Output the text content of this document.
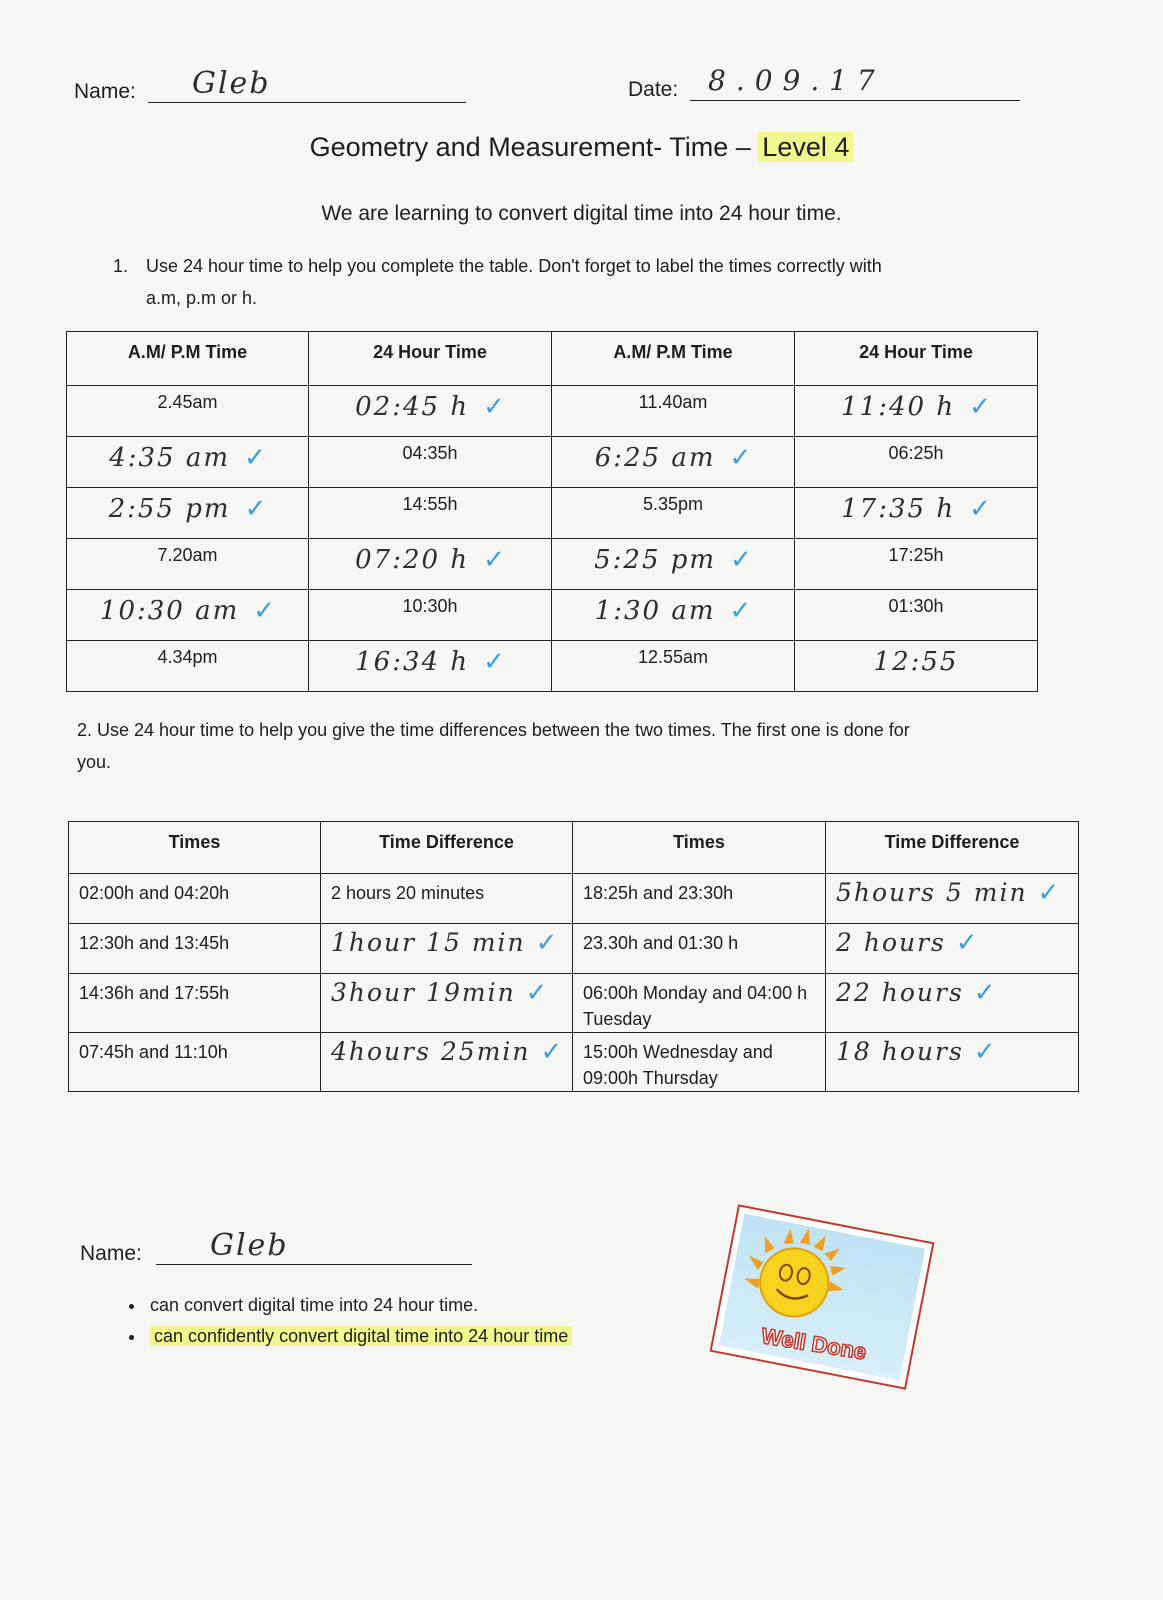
Name:	Gleb	Date:	8.09.17
Geometry and Measurement- Time – Level 4
We are learning to convert digital time into 24 hour time.
1. Use 24 hour time to help you complete the table. Don't forget to label the times correctly with
a.m, p.m or h.
A.M/ P.M Time	24 Hour Time	A.M/ P.M Time	24 Hour Time
2.45am	02:45 h ✓	11.40am	11:40 h ✓

4:35 am ✓	04:35h	6:25 am ✓	06:25h

2:55 pm ✓	14:55h	5.35pm	17:35 h ✓

7.20am	07:20 h ✓	5:25 pm ✓	17:25h

10:30 am ✓	10:30h	1:30 am ✓	01:30h
4.34pm	16:34 h ✓	12.55am	12:55
2. Use 24 hour time to help you give the time differences between the two times. The first one is done for
you.
Times	Time Difference	Times	Time Difference
02:00h and 04:20h	2 hours 20 minutes	18:25h and 23:30h	5hours 5 min ✓
12:30h and 13:45h	1hour 15 min ✓	23.30h and 01:30 h	2 hours ✓
14:36h and 17:55h	3hour 19min ✓	06:00h Monday and 04:00 h Tuesday	22 hours ✓
07:45h and 11:10h	4hours 25min ✓	15:00h Wednesday and 09:00h Thursday	18 hours ✓
Name:	Gleb
• can convert digital time into 24 hour time.
• can confidently convert digital time into 24 hour time	Well Done
